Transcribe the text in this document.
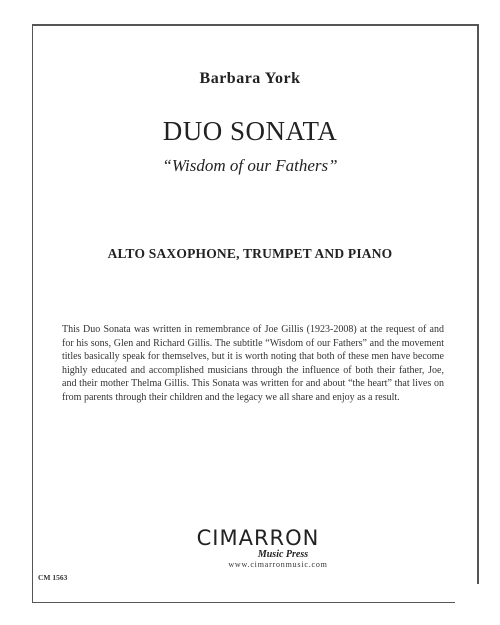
Barbara York
DUO SONATA
“Wisdom of our Fathers”
ALTO SAXOPHONE, TRUMPET AND PIANO
This Duo Sonata was written in remembrance of Joe Gillis (1923-2008) at the request of and for his sons, Glen and Richard Gillis. The subtitle “Wisdom of our Fathers” and the movement titles basically speak for themselves, but it is worth noting that both of these men have become highly educated and accomplished musicians through the influence of both their father, Joe, and their mother Thelma Gillis. This Sonata was written for and about “the heart” that lives on from parents through their children and the legacy we all share and enjoy as a result.
CM 1563
CIMARRON
Music Press
www.cimarronmusic.com
